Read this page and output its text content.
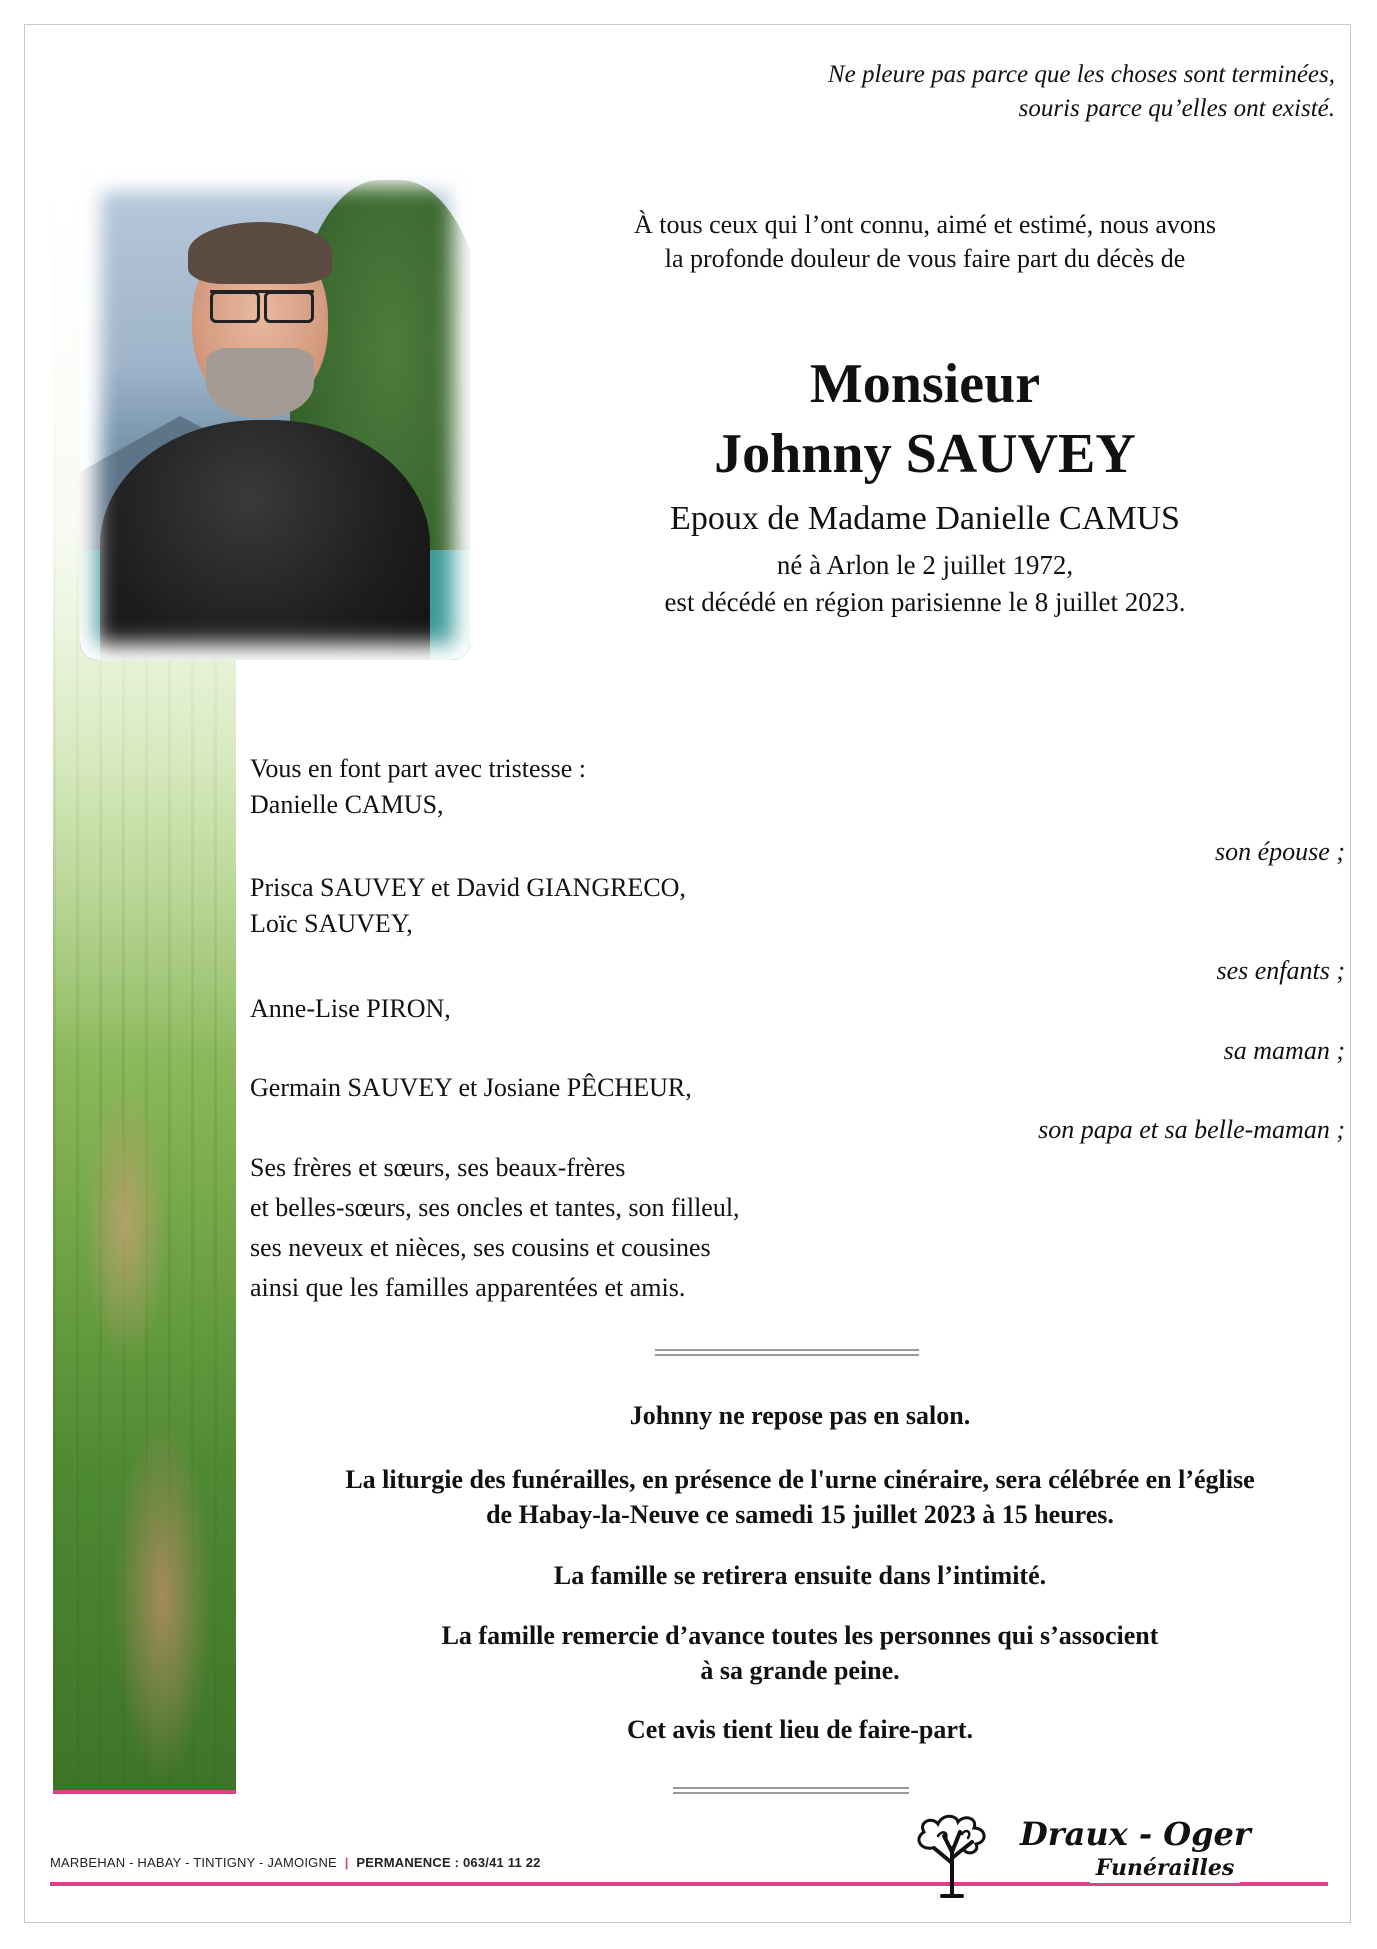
Ne pleure pas parce que les choses sont terminées,
souris parce qu’elles ont existé.
À tous ceux qui l’ont connu, aimé et estimé, nous avons
la profonde douleur de vous faire part du décès de
Monsieur
Johnny SAUVEY
Epoux de Madame Danielle CAMUS
né à Arlon le 2 juillet 1972,
est décédé en région parisienne le 8 juillet 2023.
Vous en font part avec tristesse :
Danielle CAMUS,
son épouse ;
Prisca SAUVEY et David GIANGRECO,
Loïc SAUVEY,
ses enfants ;
Anne-Lise PIRON,
sa maman ;
Germain SAUVEY et Josiane PÊCHEUR,
son papa et sa belle-maman ;
Ses frères et sœurs, ses beaux-frères
et belles-sœurs, ses oncles et tantes, son filleul,
ses neveux et nièces, ses cousins et cousines
ainsi que les familles apparentées et amis.
Johnny ne repose pas en salon.
La liturgie des funérailles, en présence de l'urne cinéraire, sera célébrée en l’église
de Habay-la-Neuve ce samedi 15 juillet 2023 à 15 heures.
La famille se retirera ensuite dans l’intimité.
La famille remercie d’avance toutes les personnes qui s’associent
à sa grande peine.
Cet avis tient lieu de faire-part.
MARBEHAN - HABAY - TINTIGNY - JAMOIGNE | PERMANENCE : 063/41 11 22
Draux - Oger
Funérailles
